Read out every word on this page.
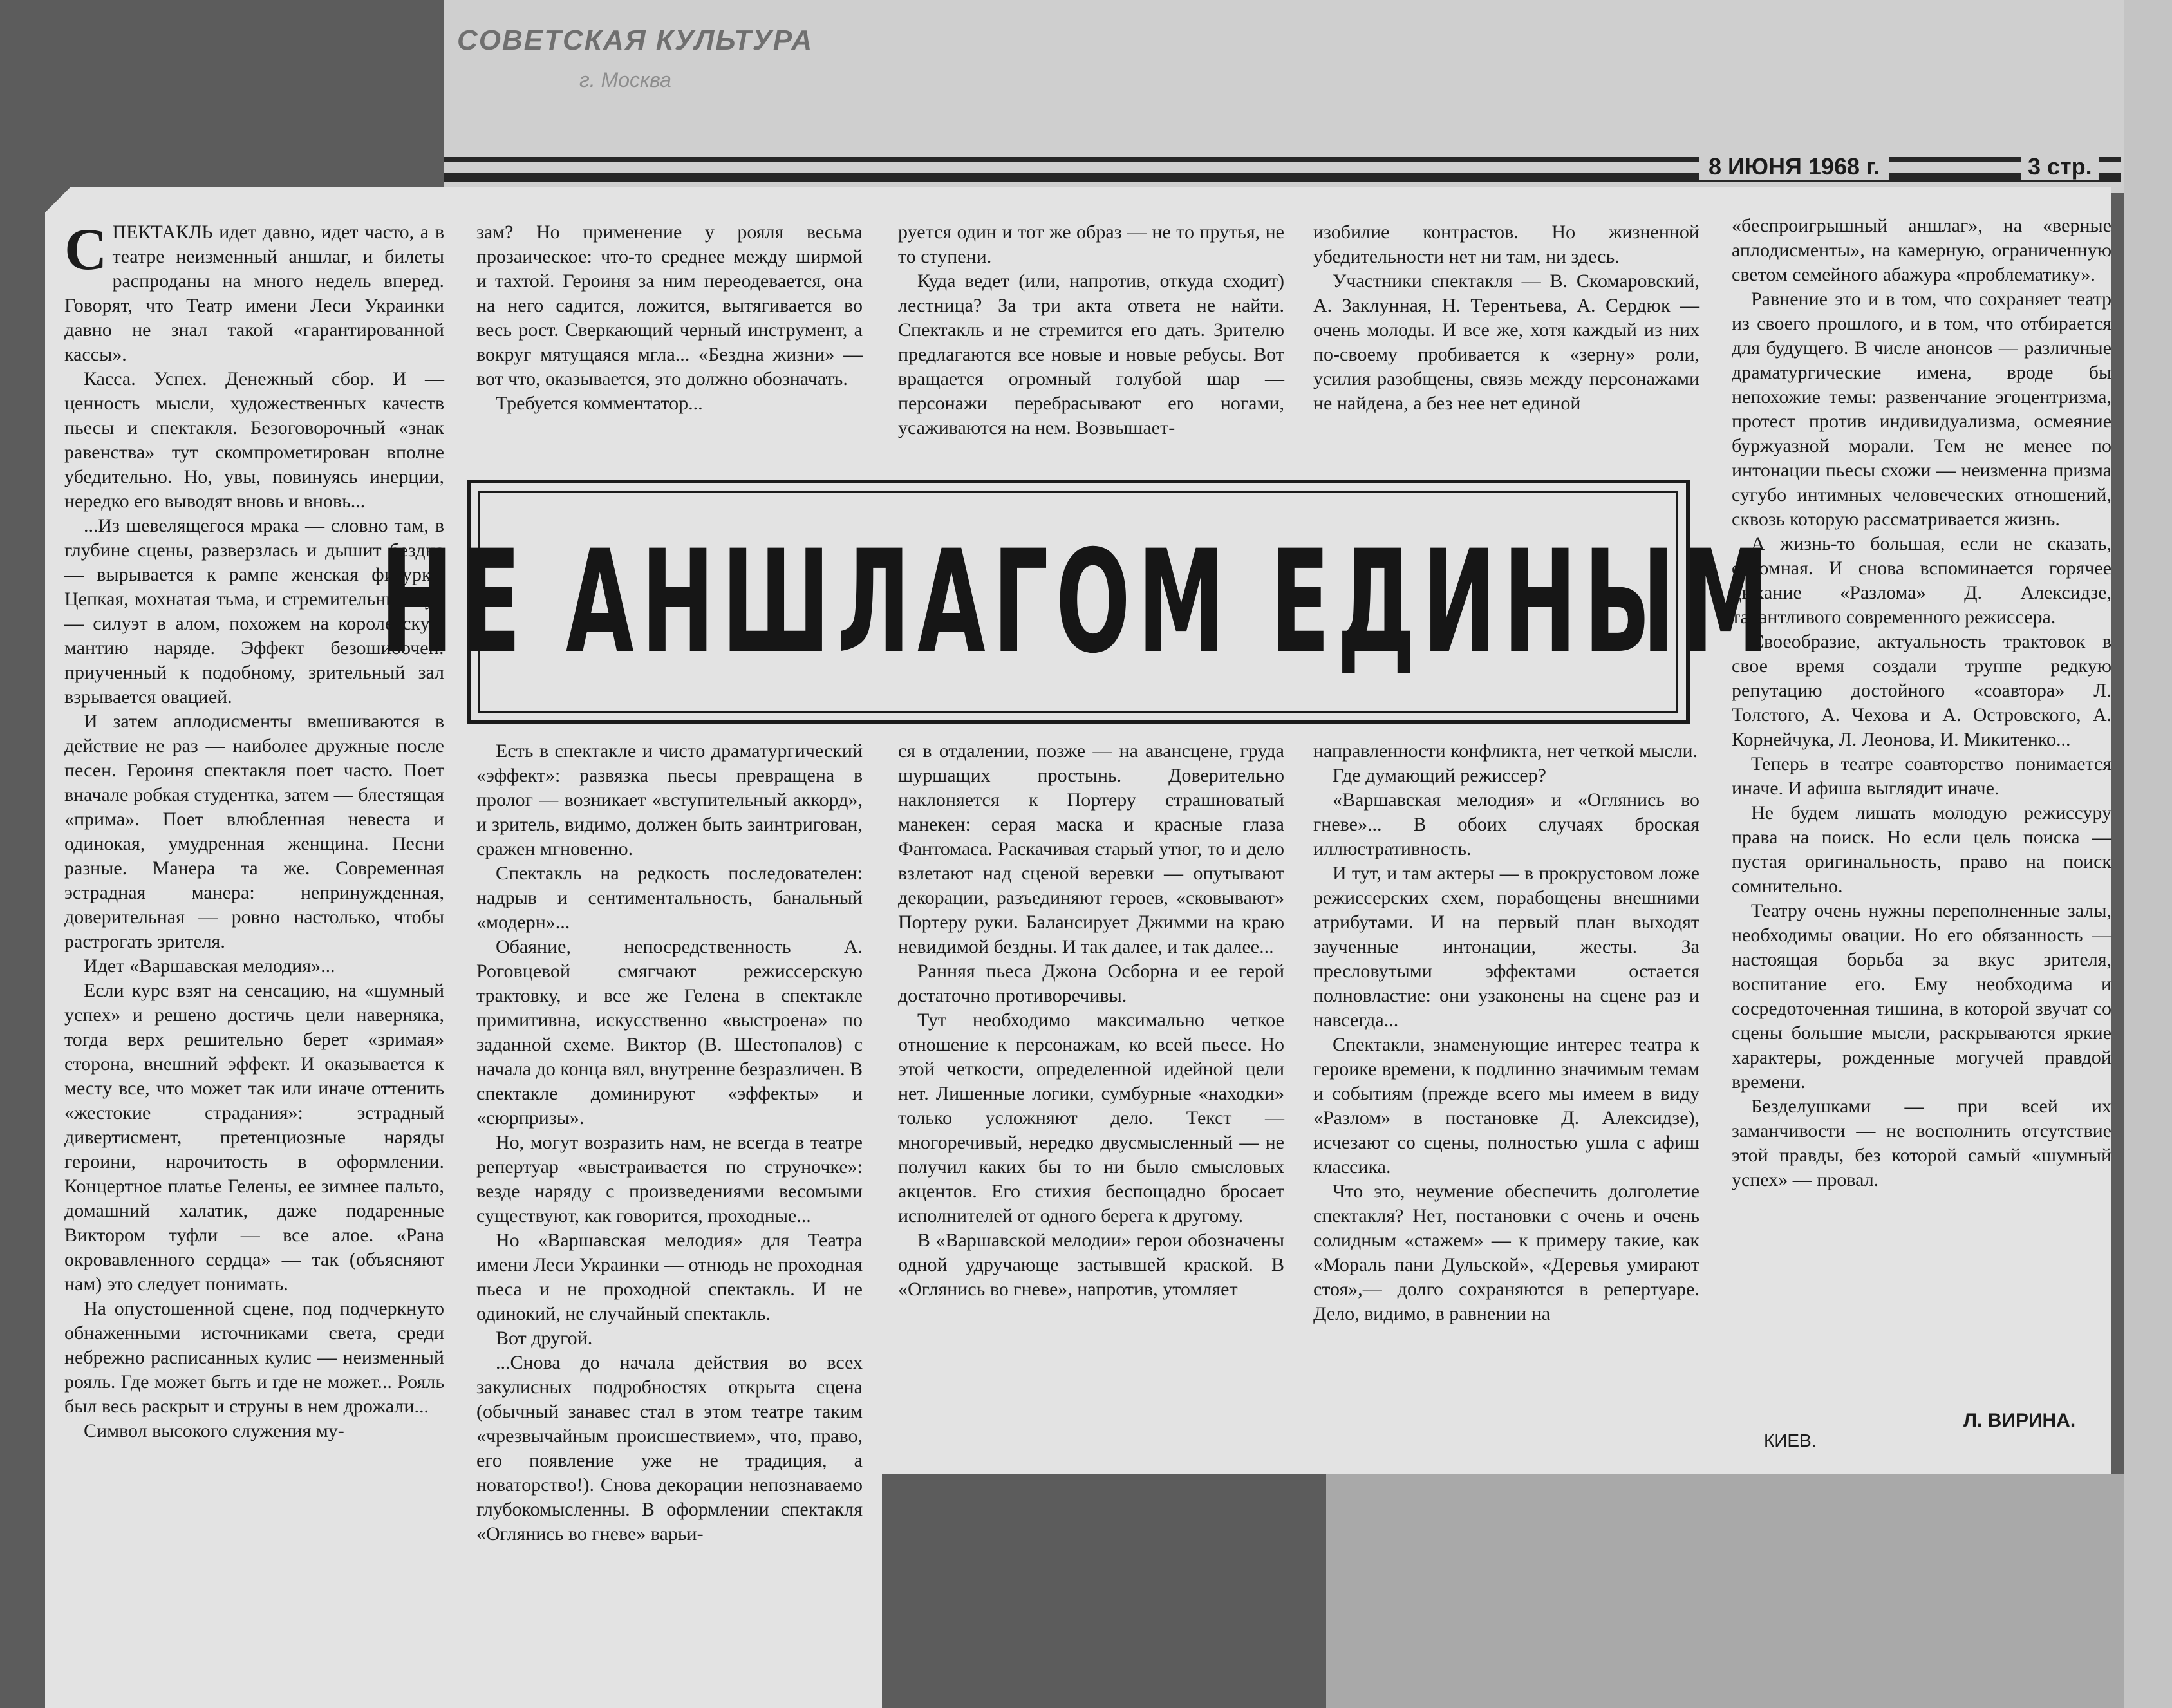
СОВЕТСКАЯ КУЛЬТУРА
г. Москва
8 ИЮНЯ 1968 г.	3 стр.
С ПЕКТАКЛЬ идет давно, идет часто, а в театре неизменный аншлаг, и билеты распроданы на много недель вперед. Говорят, что Театр имени Леси Украинки давно не знал такой «гарантированной кассы».

Касса. Успех. Денежный сбор. И — ценность мысли, художественных качеств пьесы и спектакля. Безоговорочный «знак равенства» тут скомпрометирован вполне убедительно. Но, увы, повинуясь инерции, нередко его выводят вновь и вновь...

...Из шевелящегося мрака — словно там, в глубине сцены, разверзлась и дышит бездна — вырывается к рампе женская фигурка. Цепкая, мохнатая тьма, и стремительный луч — силуэт в алом, похожем на королевскую мантию наряде. Эффект безошибочен: приученный к подобному, зрительный зал взрывается овацией.

И затем аплодисменты вмешиваются в действие не раз — наиболее дружные после песен. Героиня спектакля поет часто. Поет вначале робкая студентка, затем — блестящая «прима». Поет влюбленная невеста и одинокая, умудренная женщина. Песни разные. Манера та же. Современная эстрадная манера: непринужденная, доверительная — ровно настолько, чтобы растрогать зрителя.

Идет «Варшавская мелодия»...

Если курс взят на сенсацию, на «шумный успех» и решено достичь цели наверняка, тогда верх решительно берет «зримая» сторона, внешний эффект. И оказывается к месту все, что может так или иначе оттенить «жестокие страдания»: эстрадный дивертисмент, претенциозные наряды героини, нарочитость в оформлении. Концертное платье Гелены, ее зимнее пальто, домашний халатик, даже подаренные Виктором туфли — все алое. «Рана окровавленного сердца» — так (объясняют нам) это следует понимать.

На опустошенной сцене, под подчеркнуто обнаженными источниками света, среди небрежно расписанных кулис — неизменный рояль. Где может быть и где не может... Рояль был весь раскрыт и струны в нем дрожали...

Символ высокого служения му-

зам? Но применение у рояля весьма прозаическое: что-то среднее между ширмой и тахтой. Героиня за ним переодевается, она на него садится, ложится, вытягивается во весь рост. Сверкающий черный инструмент, а вокруг мятущаяся мгла... «Бездна жизни» — вот что, оказывается, это должно обозначать.

Требуется комментатор...

руется один и тот же образ — не то прутья, не то ступени.

Куда ведет (или, напротив, откуда сходит) лестница? За три акта ответа не найти. Спектакль и не стремится его дать. Зрителю предлагаются все новые и новые ребусы. Вот вращается огромный голубой шар — персонажи перебрасывают его ногами, усаживаются на нем. Возвышает-

изобилие контрастов. Но жизненной убедительности нет ни там, ни здесь.

Участники спектакля — В. Скомаровский, А. Заклунная, Н. Терентьева, А. Сердюк — очень молоды. И все же, хотя каждый из них по-своему пробивается к «зерну» роли, усилия разобщены, связь между персонажами не найдена, а без нее нет единой

«беспроигрышный аншлаг», на «верные аплодисменты», на камерную, ограниченную светом семейного абажура «проблематику».

Равнение это и в том, что сохраняет театр из своего прошлого, и в том, что отбирается для будущего. В числе анонсов — различные драматургические имена, вроде бы непохожие темы: развенчание эгоцентризма, протест против индивидуализма, осмеяние буржуазной морали. Тем не менее по интонации пьесы схожи — неизменна призма сугубо интимных человеческих отношений, сквозь которую рассматривается жизнь.

А жизнь-то большая, если не сказать, огромная. И снова вспоминается горячее дыхание «Разлома» Д. Алексидзе, талантливого современного режиссера.

Своеобразие, актуальность трактовок в свое время создали труппе редкую репутацию достойного «соавтора» Л. Толстого, А. Чехова и А. Островского, А. Корнейчука, Л. Леонова, И. Микитенко...

Теперь в театре соавторство понимается иначе. И афиша выглядит иначе.

Не будем лишать молодую режиссуру права на поиск. Но если цель поиска — пустая оригинальность, право на поиск сомнительно.

Театру очень нужны переполненные залы, необходимы овации. Но его обязанность — настоящая борьба за вкус зрителя, воспитание его. Ему необходима и сосредоточенная тишина, в которой звучат со сцены большие мысли, раскрываются яркие характеры, рожденные могучей правдой времени.

Безделушками — при всей их заманчивости — не восполнить отсутствие этой правды, без которой самый «шумный успех» — провал.

НЕ АНШЛАГОМ ЕДИНЫМ

Есть в спектакле и чисто драматургический «эффект»: развязка пьесы превращена в пролог — возникает «вступительный аккорд», и зритель, видимо, должен быть заинтригован, сражен мгновенно.

Спектакль на редкость последователен: надрыв и сентиментальность, банальный «модерн»...

Обаяние, непосредственность А. Роговцевой смягчают режиссерскую трактовку, и все же Гелена в спектакле примитивна, искусственно «выстроена» по заданной схеме. Виктор (В. Шестопалов) с начала до конца вял, внутренне безразличен. В спектакле доминируют «эффекты» и «сюрпризы».

Но, могут возразить нам, не всегда в театре репертуар «выстраивается по струночке»: везде наряду с произведениями весомыми существуют, как говорится, проходные...

Но «Варшавская мелодия» для Театра имени Леси Украинки — отнюдь не проходная пьеса и не проходной спектакль. И не одинокий, не случайный спектакль.

Вот другой.

...Снова до начала действия во всех закулисных подробностях открыта сцена (обычный занавес стал в этом театре таким «чрезвычайным происшествием», что, право, его появление уже не традиция, а новаторство!). Снова декорации непознаваемо глубокомысленны. В оформлении спектакля «Оглянись во гневе» варьи-

ся в отдалении, позже — на авансцене, груда шуршащих простынь. Доверительно наклоняется к Портеру страшноватый манекен: серая маска и красные глаза Фантомаса. Раскачивая старый утюг, то и дело взлетают над сценой веревки — опутывают декорации, разъединяют героев, «сковывают» Портеру руки. Балансирует Джимми на краю невидимой бездны. И так далее, и так далее...

Ранняя пьеса Джона Осборна и ее герой достаточно противоречивы.

Тут необходимо максимально четкое отношение к персонажам, ко всей пьесе. Но этой четкости, определенной идейной цели нет. Лишенные логики, сумбурные «находки» только усложняют дело. Текст — многоречивый, нередко двусмысленный — не получил каких бы то ни было смысловых акцентов. Его стихия беспощадно бросает исполнителей от одного берега к другому.

В «Варшавской мелодии» герои обозначены одной удручающе застывшей краской. В «Оглянись во гневе», напротив, утомляет

направленности конфликта, нет четкой мысли.

Где думающий режиссер?

«Варшавская мелодия» и «Оглянись во гневе»... В обоих случаях броская иллюстративность.

И тут, и там актеры — в прокрустовом ложе режиссерских схем, порабощены внешними атрибутами. И на первый план выходят заученные интонации, жесты. За пресловутыми эффектами остается полновластие: они узаконены на сцене раз и навсегда...

Спектакли, знаменующие интерес театра к героике времени, к подлинно значимым темам и событиям (прежде всего мы имеем в виду «Разлом» в постановке Д. Алексидзе), исчезают со сцены, полностью ушла с афиш классика.

Что это, неумение обеспечить долголетие спектакля? Нет, постановки с очень и очень солидным «стажем» — к примеру такие, как «Мораль пани Дульской», «Деревья умирают стоя»,— долго сохраняются в репертуаре. Дело, видимо, в равнении на

Л. ВИРИНА.
КИЕВ.
